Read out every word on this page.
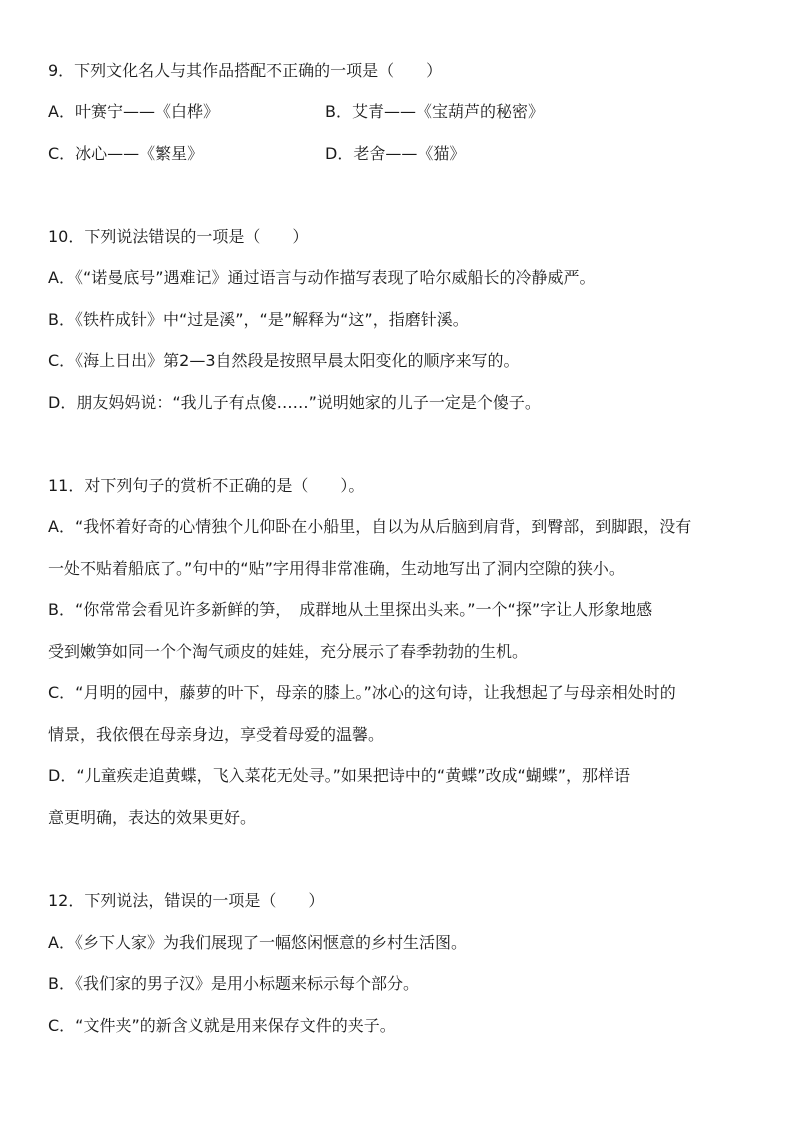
9．下列文化名人与其作品搭配不正确的一项是（　　）
A．叶赛宁——《白桦》	B．艾青——《宝葫芦的秘密》
C．冰心——《繁星》	D．老舍——《猫》
10．下列说法错误的一项是（　　）
A．《“诺曼底号”遇难记》通过语言与动作描写表现了哈尔威船长的冷静威严。
B．《铁杵成针》中“过是溪”，“是”解释为“这”，指磨针溪。
C．《海上日出》第2—3自然段是按照早晨太阳变化的顺序来写的。
D．朋友妈妈说：“我儿子有点傻……”说明她家的儿子一定是个傻子。
11．对下列句子的赏析不正确的是（　　）。
A．“我怀着好奇的心情独个儿仰卧在小船里，自以为从后脑到肩背，到臀部，到脚跟，没有
一处不贴着船底了。”句中的“贴”字用得非常准确，生动地写出了洞内空隙的狭小。
B．“你常常会看见许多新鲜的笋，　成群地从土里探出头来。”一个“探”字让人形象地感
受到嫩笋如同一个个淘气顽皮的娃娃，充分展示了春季勃勃的生机。
C．“月明的园中，藤萝的叶下，母亲的膝上。”冰心的这句诗，让我想起了与母亲相处时的
情景，我依偎在母亲身边，享受着母爱的温馨。
D．“儿童疾走追黄蝶，飞入菜花无处寻。”如果把诗中的“黄蝶”改成“蝴蝶”，那样语
意更明确，表达的效果更好。
12．下列说法，错误的一项是（　　）
A．《乡下人家》为我们展现了一幅悠闲惬意的乡村生活图。
B．《我们家的男子汉》是用小标题来标示每个部分。
C．“文件夹”的新含义就是用来保存文件的夹子。
